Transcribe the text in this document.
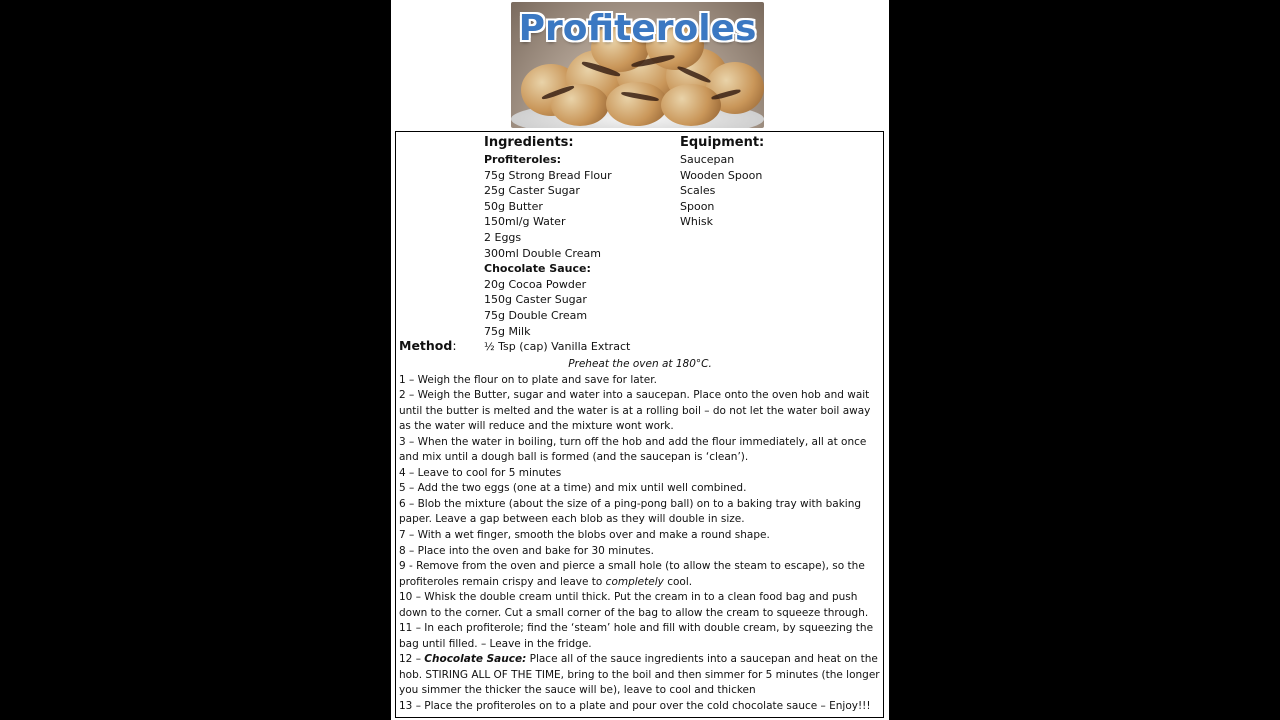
Profiteroles
Ingredients:
Profiteroles:
75g Strong Bread Flour
25g Caster Sugar
50g Butter
150ml/g Water
2 Eggs
300ml Double Cream
Chocolate Sauce:
20g Cocoa Powder
150g Caster Sugar
75g Double Cream
75g Milk
½ Tsp (cap) Vanilla Extract
Equipment:
Saucepan
Wooden Spoon
Scales
Spoon
Whisk
Method:

Preheat the oven at 180°C.

1 – Weigh the flour on to plate and save for later.

2 – Weigh the Butter, sugar and water into a saucepan. Place onto the oven hob and wait until the butter is melted and the water is at a rolling boil – do not let the water boil away as the water will reduce and the mixture wont work.

3 – When the water in boiling, turn off the hob and add the flour immediately, all at once and mix until a dough ball is formed (and the saucepan is ‘clean’).

4 – Leave to cool for 5 minutes

5 – Add the two eggs (one at a time) and mix until well combined.

6 – Blob the mixture (about the size of a ping-pong ball) on to a baking tray with baking paper. Leave a gap between each blob as they will double in size.

7 – With a wet finger, smooth the blobs over and make a round shape.

8 – Place into the oven and bake for 30 minutes.

9 - Remove from the oven and pierce a small hole (to allow the steam to escape), so the profiteroles remain crispy and leave to completely cool.

10 – Whisk the double cream until thick. Put the cream in to a clean food bag and push down to the corner. Cut a small corner of the bag to allow the cream to squeeze through.

11 – In each profiterole; find the ‘steam’ hole and fill with double cream, by squeezing the bag until filled. – Leave in the fridge.

12 – Chocolate Sauce: Place all of the sauce ingredients into a saucepan and heat on the hob. STIRING ALL OF THE TIME, bring to the boil and then simmer for 5 minutes (the longer you simmer the thicker the sauce will be), leave to cool and thicken

13 – Place the profiteroles on to a plate and pour over the cold chocolate sauce – Enjoy!!!
